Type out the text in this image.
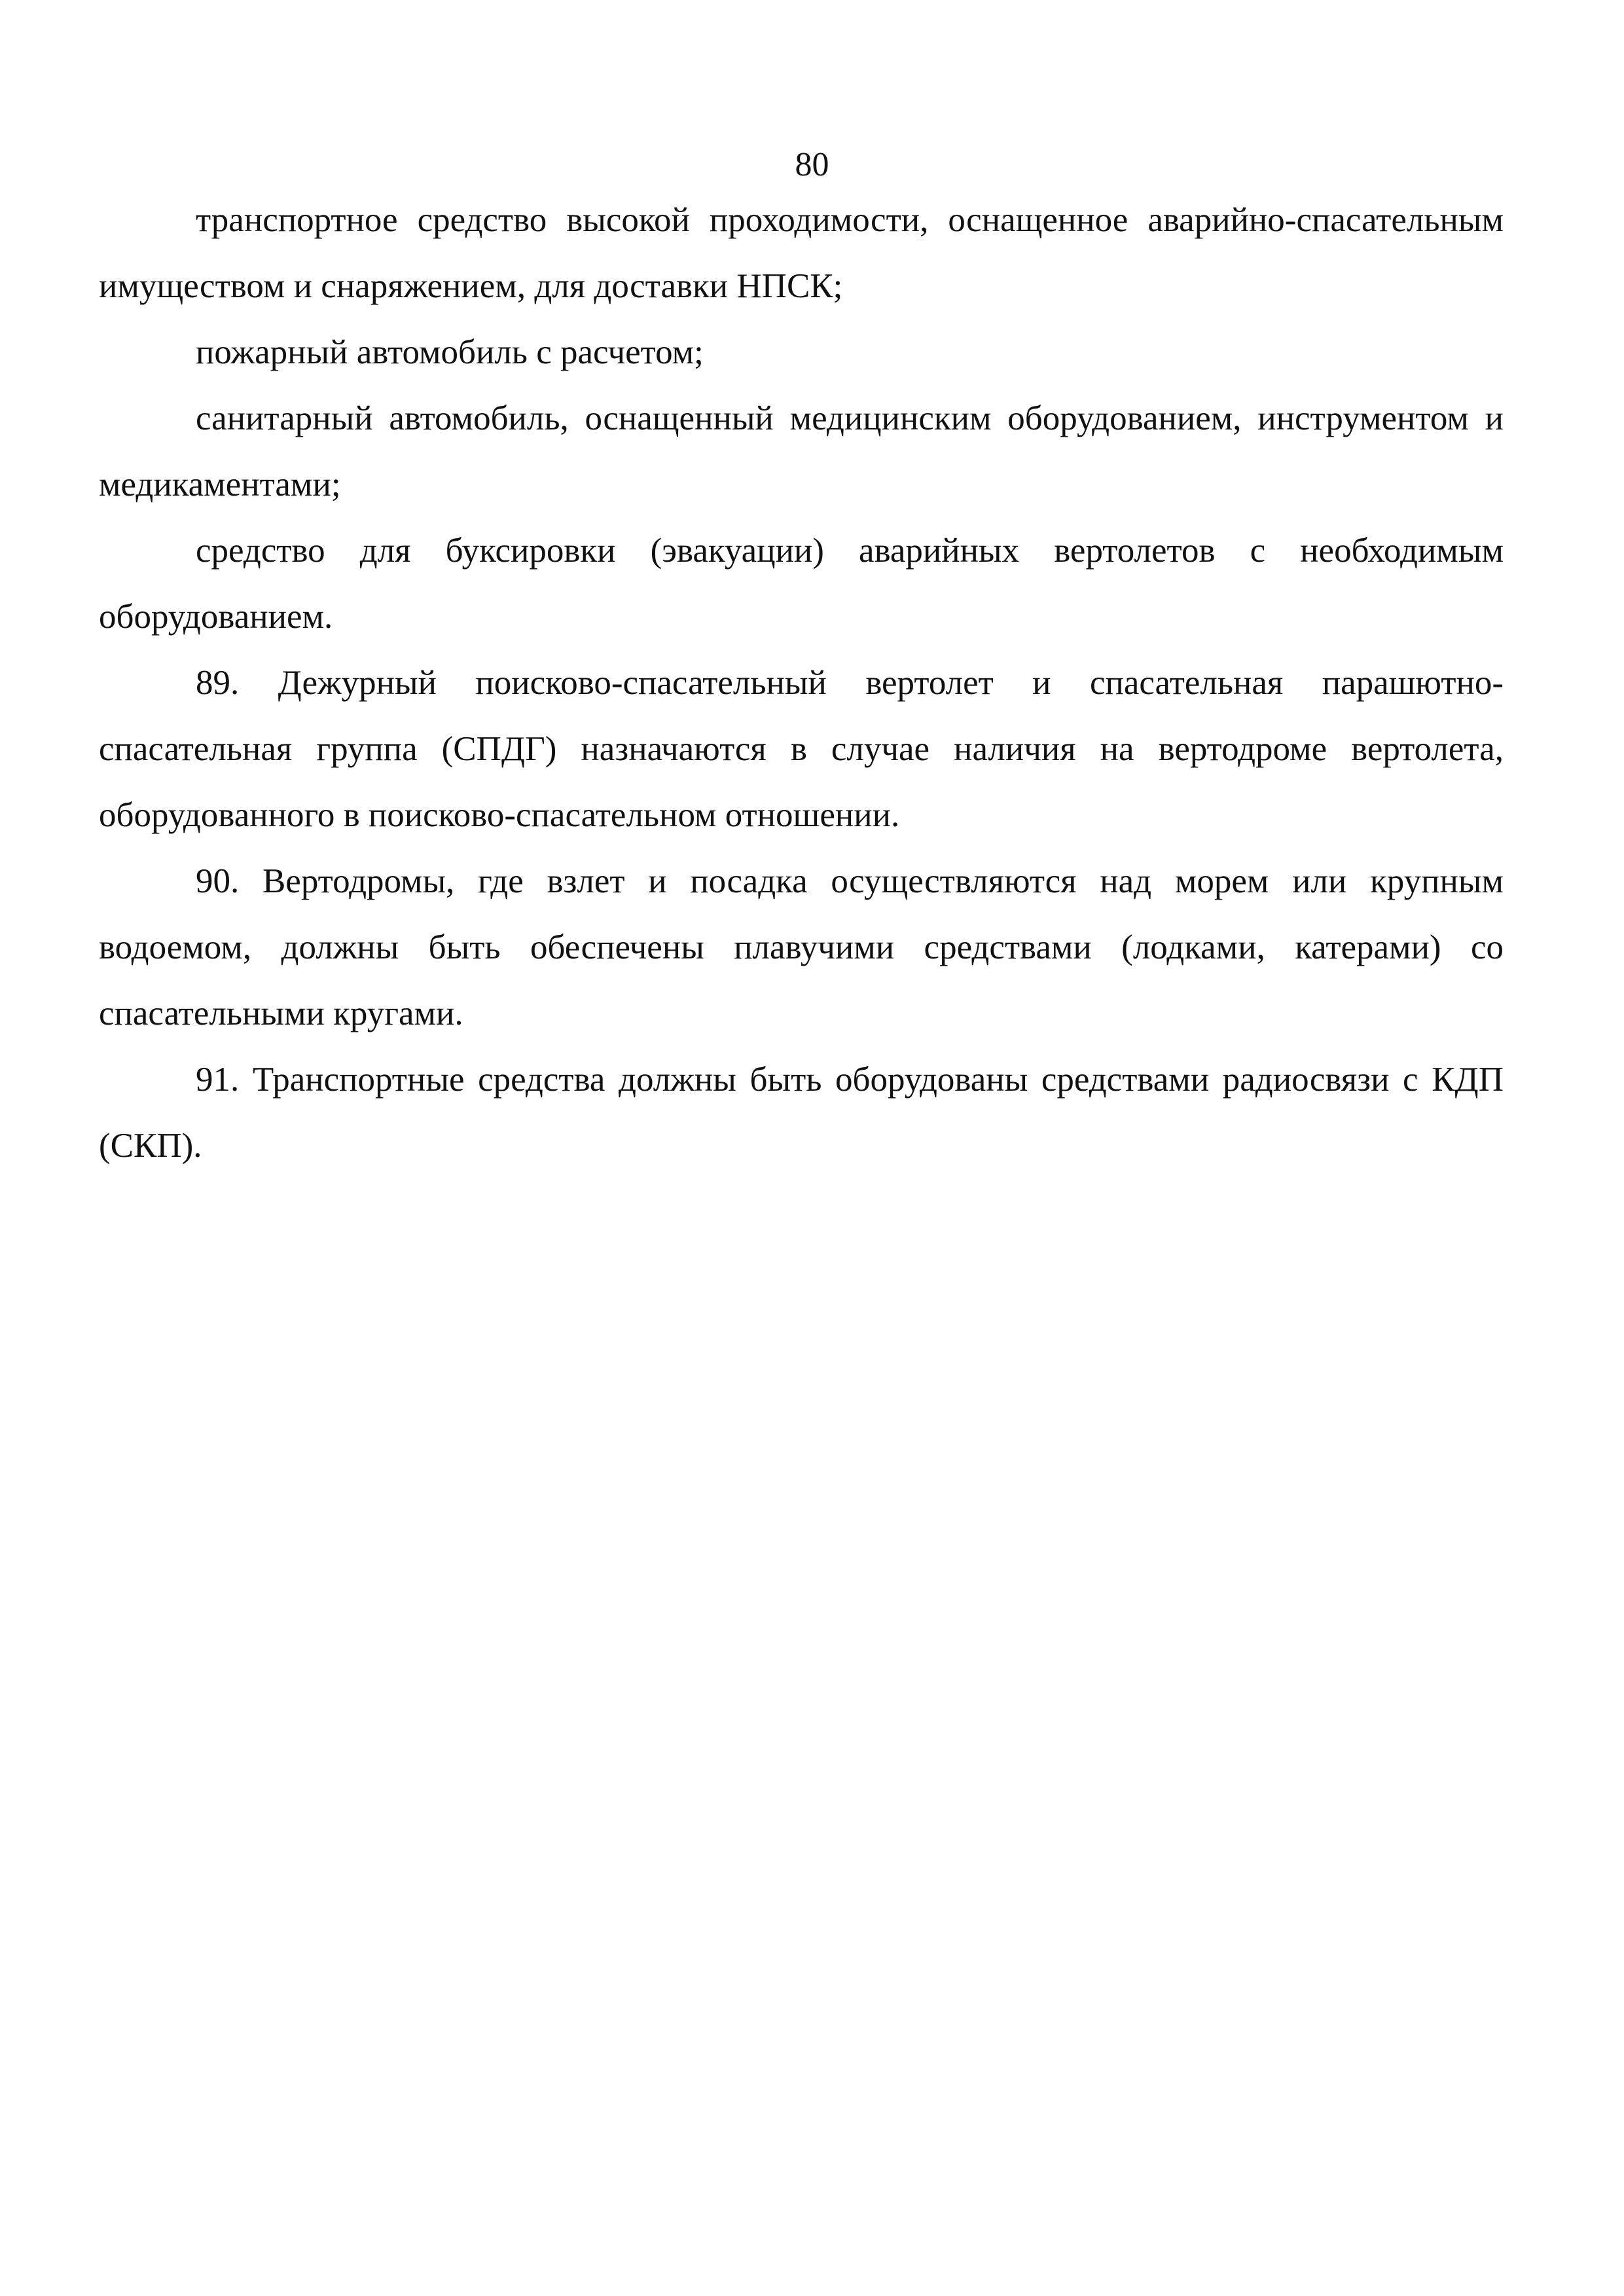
80

транспортное средство высокой проходимости, оснащенное аварийно-спасательным имуществом и снаряжением, для доставки НПСК;

пожарный автомобиль с расчетом;

санитарный автомобиль, оснащенный медицинским оборудованием, инструментом и медикаментами;

средство для буксировки (эвакуации) аварийных вертолетов с необходимым оборудованием.

89. Дежурный поисково-спасательный вертолет и спасательная парашютно-спасательная группа (СПДГ) назначаются в случае наличия на вертодроме вертолета, оборудованного в поисково-спасательном отношении.

90. Вертодромы, где взлет и посадка осуществляются над морем или крупным водоемом, должны быть обеспечены плавучими средствами (лодками, катерами) со спасательными кругами.

91. Транспортные средства должны быть оборудованы средствами радиосвязи с КДП (СКП).
